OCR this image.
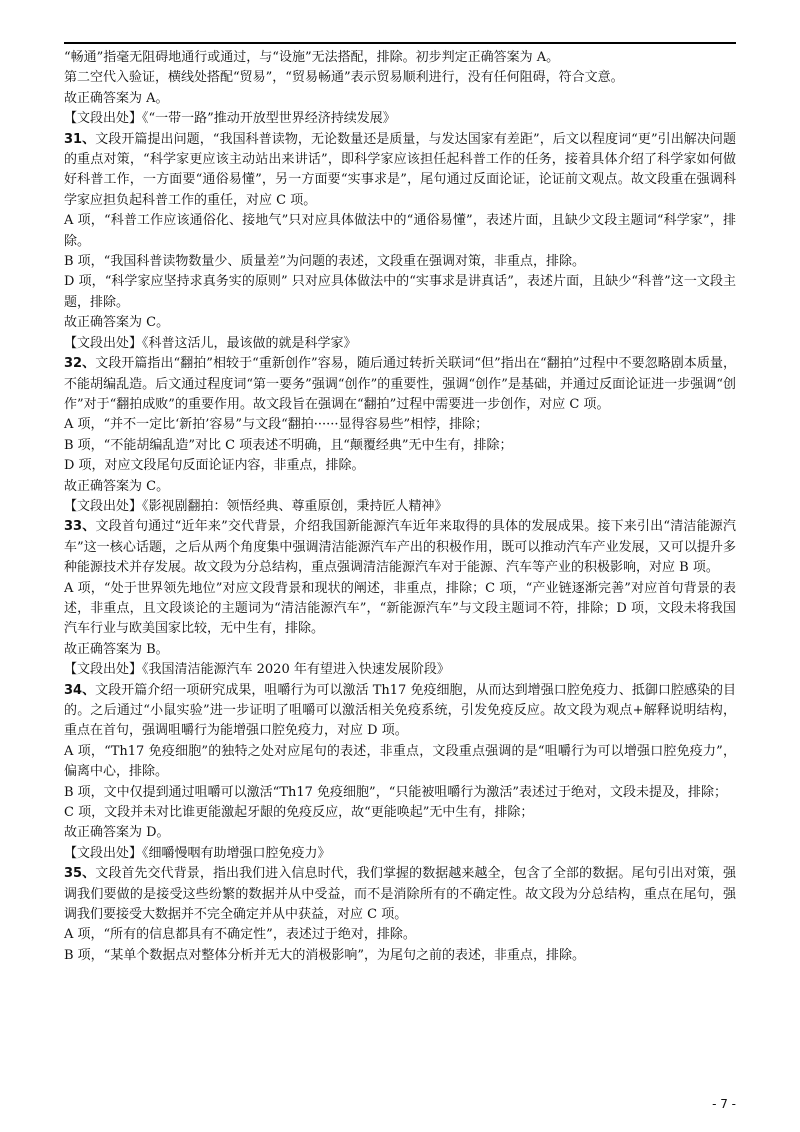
“畅通”指毫无阻碍地通行或通过，与“设施”无法搭配，排除。初步判定正确答案为 A。

第二空代入验证，横线处搭配“贸易”，“贸易畅通”表示贸易顺利进行，没有任何阻碍，符合文意。

故正确答案为 A。

【文段出处】《“一带一路”推动开放型世界经济持续发展》

31、文段开篇提出问题，“我国科普读物，无论数量还是质量，与发达国家有差距”，后文以程度词“更”引出解决问题的重点对策，“科学家更应该主动站出来讲话”，即科学家应该担任起科普工作的任务，接着具体介绍了科学家如何做好科普工作，一方面要“通俗易懂”，另一方面要“实事求是”，尾句通过反面论证，论证前文观点。故文段重在强调科学家应担负起科普工作的重任，对应 C 项。

A 项，“科普工作应该通俗化、接地气”只对应具体做法中的“通俗易懂”，表述片面，且缺少文段主题词“科学家”，排除。

B 项，“我国科普读物数量少、质量差”为问题的表述，文段重在强调对策，非重点，排除。

D 项，“科学家应坚持求真务实的原则” 只对应具体做法中的“实事求是讲真话”，表述片面，且缺少“科普”这一文段主题，排除。

故正确答案为 C。

【文段出处】《科普这活儿，最该做的就是科学家》

32、文段开篇指出“翻拍”相较于“重新创作”容易，随后通过转折关联词“但”指出在“翻拍”过程中不要忽略剧本质量，不能胡编乱造。后文通过程度词“第一要务”强调“创作”的重要性，强调“创作”是基础，并通过反面论证进一步强调“创作”对于“翻拍成败”的重要作用。故文段旨在强调在“翻拍”过程中需要进一步创作，对应 C 项。

A 项，“并不一定比‘新拍’容易”与文段“翻拍······显得容易些”相悖，排除；

B 项，“不能胡编乱造”对比 C 项表述不明确，且“颠覆经典”无中生有，排除；

D 项，对应文段尾句反面论证内容，非重点，排除。

故正确答案为 C。

【文段出处】《影视剧翻拍：领悟经典、尊重原创，秉持匠人精神》

33、文段首句通过“近年来”交代背景，介绍我国新能源汽车近年来取得的具体的发展成果。接下来引出“清洁能源汽车”这一核心话题，之后从两个角度集中强调清洁能源汽车产出的积极作用，既可以推动汽车产业发展，又可以提升多种能源技术并存发展。故文段为分总结构，重点强调清洁能源汽车对于能源、汽车等产业的积极影响，对应 B 项。

A 项，“处于世界领先地位”对应文段背景和现状的阐述，非重点，排除；C 项，“产业链逐渐完善”对应首句背景的表述，非重点，且文段谈论的主题词为“清洁能源汽车”，“新能源汽车”与文段主题词不符，排除；D 项，文段未将我国汽车行业与欧美国家比较，无中生有，排除。

故正确答案为 B。

【文段出处】《我国清洁能源汽车 2020 年有望进入快速发展阶段》

34、文段开篇介绍一项研究成果，咀嚼行为可以激活 Th17 免疫细胞，从而达到增强口腔免疫力、抵御口腔感染的目的。之后通过“小鼠实验”进一步证明了咀嚼可以激活相关免疫系统，引发免疫反应。故文段为观点+解释说明结构，重点在首句，强调咀嚼行为能增强口腔免疫力，对应 D 项。

A 项，“Th17 免疫细胞”的独特之处对应尾句的表述，非重点，文段重点强调的是“咀嚼行为可以增强口腔免疫力”，偏离中心，排除。

B 项，文中仅提到通过咀嚼可以激活“Th17 免疫细胞”，“只能被咀嚼行为激活”表述过于绝对，文段未提及，排除；

C 项，文段并未对比谁更能激起牙龈的免疫反应，故“更能唤起”无中生有，排除；

故正确答案为 D。

【文段出处】《细嚼慢咽有助增强口腔免疫力》

35、文段首先交代背景，指出我们进入信息时代，我们掌握的数据越来越全，包含了全部的数据。尾句引出对策，强调我们要做的是接受这些纷繁的数据并从中受益，而不是消除所有的不确定性。故文段为分总结构，重点在尾句，强调我们要接受大数据并不完全确定并从中获益，对应 C 项。

A 项，“所有的信息都具有不确定性”，表述过于绝对，排除。

B 项，“某单个数据点对整体分析并无大的消极影响”，为尾句之前的表述，非重点，排除。

- 7 -
